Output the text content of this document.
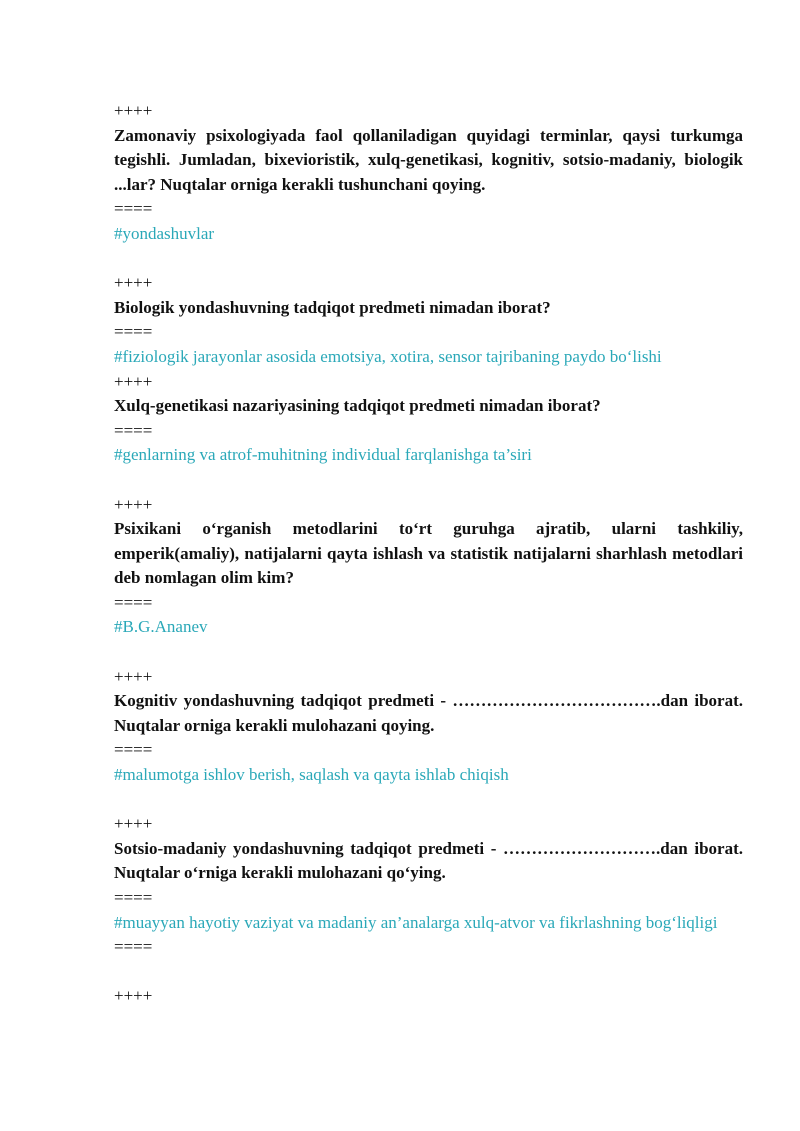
++++

Zamonaviy psixologiyada faol qollaniladigan quyidagi terminlar, qaysi turkumga tegishli. Jumladan, bixevioristik, xulq-genetikasi, kognitiv, sotsio-madaniy, biologik ...lar? Nuqtalar orniga kerakli tushunchani qoying.

====

#yondashuvlar

++++

Biologik yondashuvning tadqiqot predmeti nimadan iborat?

====

#fiziologik jarayonlar asosida emotsiya, xotira, sensor tajribaning paydo bo‘lishi

++++

Xulq-genetikasi nazariyasining tadqiqot predmeti nimadan iborat?

====

#genlarning va atrof-muhitning individual farqlanishga ta’siri

++++

Psixikani o‘rganish metodlarini to‘rt guruhga ajratib, ularni tashkiliy, emperik(amaliy), natijalarni qayta ishlash va statistik natijalarni sharhlash metodlari deb nomlagan olim kim?

====

#B.G.Ananev

++++

Kognitiv yondashuvning tadqiqot predmeti - ……………………………….dan iborat. Nuqtalar orniga kerakli mulohazani qoying.

====

#malumotga ishlov berish, saqlash va qayta ishlab chiqish

++++

Sotsio-madaniy yondashuvning tadqiqot predmeti - ……………………….dan iborat. Nuqtalar o‘rniga kerakli mulohazani qo‘ying.

====

#muayyan hayotiy vaziyat va madaniy an’analarga xulq-atvor va fikrlashning bog‘liqligi

====

++++
